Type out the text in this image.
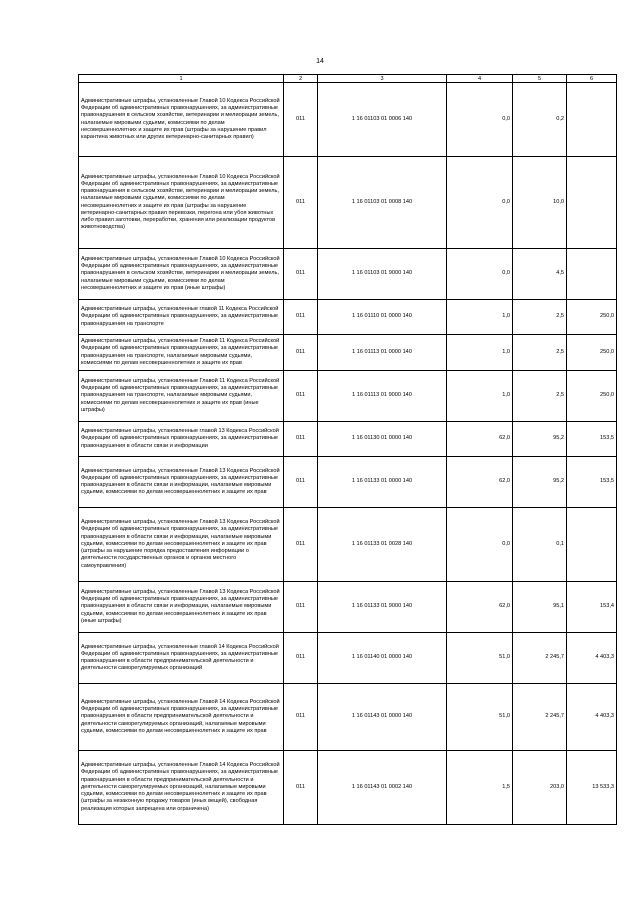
14
1	2	3	4	5	6
Административные штрафы, установленные Главой 10 Кодекса Российской Федерации об административных правонарушениях, за административные правонарушения в сельском хозяйстве, ветеринарии и мелиорации земель, налагаемые мировыми судьями, комиссиями по делам несовершеннолетних и защите их прав (штрафы за нарушение правил карантина животных или других ветеринарно-санитарных правил)	011	1 16 01103 01 0006 140	0,0	0,2	
Административные штрафы, установленные Главой 10 Кодекса Российской Федерации об административных правонарушениях, за административные правонарушения в сельском хозяйстве, ветеринарии и мелиорации земель, налагаемые мировыми судьями, комиссиями по делам несовершеннолетних и защите их прав (штрафы за нарушение ветеринарно-санитарных правил перевозки, перегона или убоя животных либо правил заготовки, переработки, хранения или реализации продуктов животноводства)	011	1 16 01103 01 0008 140	0,0	10,0	
Административные штрафы, установленные Главой 10 Кодекса Российской Федерации об административных правонарушениях, за административные правонарушения в сельском хозяйстве, ветеринарии и мелиорации земель, налагаемые мировыми судьями, комиссиями по делам несовершеннолетних и защите их прав (иные штрафы)	011	1 16 01103 01 9000 140	0,0	4,5	
Административные штрафы, установленные главой 11 Кодекса Российской Федерации об административных правонарушениях, за административные правонарушения на транспорте	011	1 16 01110 01 0000 140	1,0	2,5	250,0
Административные штрафы, установленные Главой 11 Кодекса Российской Федерации об административных правонарушениях, за административные правонарушения на транспорте, налагаемые мировыми судьями, комиссиями по делам несовершеннолетних и защите их прав	011	1 16 01113 01 0000 140	1,0	2,5	250,0
Административные штрафы, установленные Главой 11 Кодекса Российской Федерации об административных правонарушениях, за административные правонарушения на транспорте, налагаемые мировыми судьями, комиссиями по делам несовершеннолетних и защите их прав (иные штрафы)	011	1 16 01113 01 9000 140	1,0	2,5	250,0
Административные штрафы, установленные главой 13 Кодекса Российской Федерации об административных правонарушениях, за административные правонарушения в области связи и информации	011	1 16 01130 01 0000 140	62,0	95,2	153,5
Административные штрафы, установленные Главой 13 Кодекса Российской Федерации об административных правонарушениях, за административные правонарушения в области связи и информации, налагаемые мировыми судьями, комиссиями по делам несовершеннолетних и защите их прав	011	1 16 01133 01 0000 140	62,0	95,2	153,5
Административные штрафы, установленные Главой 13 Кодекса Российской Федерации об административных правонарушениях, за административные правонарушения в области связи и информации, налагаемые мировыми судьями, комиссиями по делам несовершеннолетних и защите их прав (штрафы за нарушение порядка предоставления информации о деятельности государственных органов и органов местного самоуправления)	011	1 16 01133 01 0028 140	0,0	0,1	
Административные штрафы, установленные Главой 13 Кодекса Российской Федерации об административных правонарушениях, за административные правонарушения в области связи и информации, налагаемые мировыми судьями, комиссиями по делам несовершеннолетних и защите их прав (иные штрафы)	011	1 16 01133 01 9000 140	62,0	95,1	153,4
Административные штрафы, установленные главой 14 Кодекса Российской Федерации об административных правонарушениях, за административные правонарушения в области предпринимательской деятельности и деятельности саморегулируемых организаций	011	1 16 01140 01 0000 140	51,0	2 245,7	4 403,3
Административные штрафы, установленные Главой 14 Кодекса Российской Федерации об административных правонарушениях, за административные правонарушения в области предпринимательской деятельности и деятельности саморегулируемых организаций, налагаемые мировыми судьями, комиссиями по делам несовершеннолетних и защите их прав	011	1 16 01143 01 0000 140	51,0	2 245,7	4 403,3
Административные штрафы, установленные Главой 14 Кодекса Российской Федерации об административных правонарушениях, за административные правонарушения в области предпринимательской деятельности и деятельности саморегулируемых организаций, налагаемые мировыми судьями, комиссиями по делам несовершеннолетних и защите их прав (штрафы за незаконную продажу товаров (иных вещей), свободная реализация которых запрещена или ограничена)	011	1 16 01143 01 0002 140	1,5	203,0	13 533,3
